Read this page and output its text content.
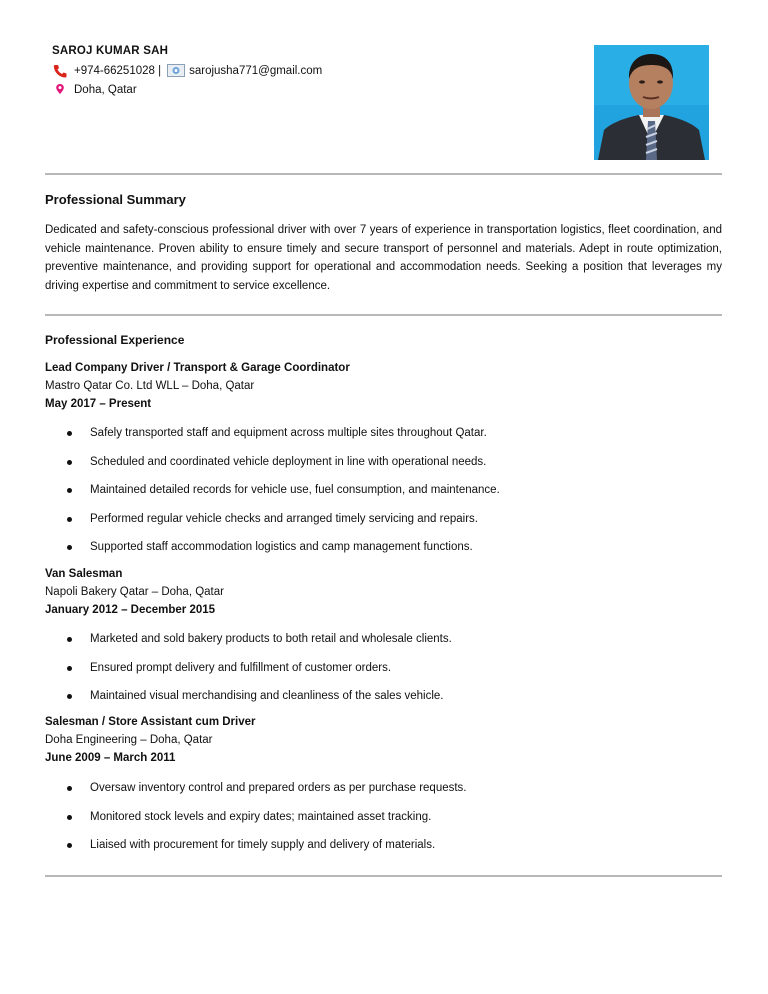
SAROJ KUMAR SAH
+974-66251028 | sarojusha771@gmail.com
Doha, Qatar
Professional Summary
Dedicated and safety-conscious professional driver with over 7 years of experience in transportation logistics, fleet coordination, and vehicle maintenance. Proven ability to ensure timely and secure transport of personnel and materials. Adept in route optimization, preventive maintenance, and providing support for operational and accommodation needs. Seeking a position that leverages my driving expertise and commitment to service excellence.
Professional Experience
Lead Company Driver / Transport & Garage Coordinator
Mastro Qatar Co. Ltd WLL – Doha, Qatar
May 2017 – Present
Safely transported staff and equipment across multiple sites throughout Qatar.
Scheduled and coordinated vehicle deployment in line with operational needs.
Maintained detailed records for vehicle use, fuel consumption, and maintenance.
Performed regular vehicle checks and arranged timely servicing and repairs.
Supported staff accommodation logistics and camp management functions.
Van Salesman
Napoli Bakery Qatar – Doha, Qatar
January 2012 – December 2015
Marketed and sold bakery products to both retail and wholesale clients.
Ensured prompt delivery and fulfillment of customer orders.
Maintained visual merchandising and cleanliness of the sales vehicle.
Salesman / Store Assistant cum Driver
Doha Engineering – Doha, Qatar
June 2009 – March 2011
Oversaw inventory control and prepared orders as per purchase requests.
Monitored stock levels and expiry dates; maintained asset tracking.
Liaised with procurement for timely supply and delivery of materials.
